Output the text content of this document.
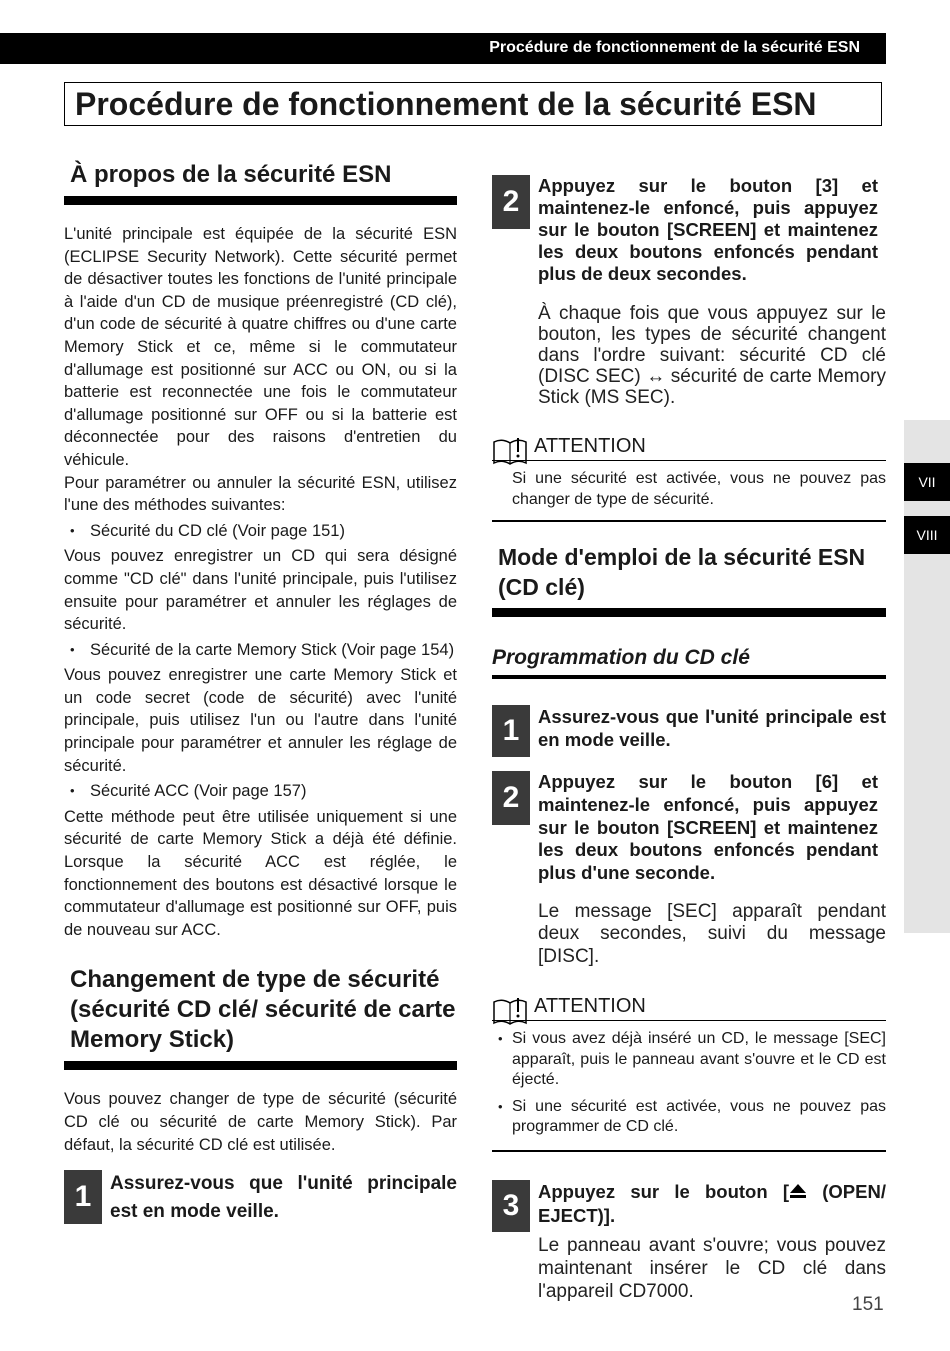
Procédure de fonctionnement de la sécurité ESN
Procédure de fonctionnement de la sécurité ESN
À propos de la sécurité ESN

L'unité principale est équipée de la sécurité ESN (ECLIPSE Security Network). Cette sécurité permet de désactiver toutes les fonctions de l'unité principale à l'aide d'un CD de musique préenregistré (CD clé), d'un code de sécurité à quatre chiffres ou d'une carte Memory Stick et ce, même si le commutateur d'allumage est positionné sur ACC ou ON, ou si la batterie est reconnectée une fois le commutateur d'allumage positionné sur OFF ou si la batterie est déconnectée pour des raisons d'entretien du véhicule.

Pour paramétrer ou annuler la sécurité ESN, utilisez l'une des méthodes suivantes:

• Sécurité du CD clé (Voir page 151)

Vous pouvez enregistrer un CD qui sera désigné comme "CD clé" dans l'unité principale, puis l'utilisez ensuite pour paramétrer et annuler les réglages de sécurité.

• Sécurité de la carte Memory Stick (Voir page 154)

Vous pouvez enregistrer une carte Memory Stick et un code secret (code de sécurité) avec l'unité principale, puis utilisez l'un ou l'autre dans l'unité principale pour paramétrer et annuler les réglage de sécurité.

• Sécurité ACC (Voir page 157)

Cette méthode peut être utilisée uniquement si une sécurité de carte Memory Stick a déjà été définie. Lorsque la sécurité ACC est réglée, le fonctionnement des boutons est désactivé lorsque le commutateur d'allumage est positionné sur OFF, puis de nouveau sur ACC.

Changement de type de sécurité (sécurité CD clé/ sécurité de carte Memory Stick)

Vous pouvez changer de type de sécurité (sécurité CD clé ou sécurité de carte Memory Stick). Par défaut, la sécurité CD clé est utilisée.

1 Assurez-vous que l'unité principale est en mode veille.
2	Appuyez sur le bouton [3] et maintenez-le enfoncé, puis appuyez sur le bouton [SCREEN] et maintenez les deux boutons enfoncés pendant plus de deux secondes.
À chaque fois que vous appuyez sur le bouton, les types de sécurité changent dans l'ordre suivant: sécurité CD clé (DISC SEC) ↔ sécurité de carte Memory Stick (MS SEC).
ATTENTION
Si une sécurité est activée, vous ne pouvez pas changer de type de sécurité.
Mode d'emploi de la sécurité ESN (CD clé)
Programmation du CD clé
1	Assurez-vous que l'unité principale est en mode veille.
2	Appuyez sur le bouton [6] et maintenez-le enfoncé, puis appuyez sur le bouton [SCREEN] et maintenez les deux boutons enfoncés pendant plus d'une seconde.
Le message [SEC] apparaît pendant deux secondes, suivi du message [DISC].
ATTENTION
• Si vous avez déjà inséré un CD, le message [SEC] apparaît, puis le panneau avant s'ouvre et le CD est éjecté.
• Si une sécurité est activée, vous ne pouvez pas programmer de CD clé.
3	Appuyez sur le bouton [ (OPEN/ EJECT)].
Le panneau avant s'ouvre; vous pouvez maintenant insérer le CD clé dans l'appareil CD7000.
VII
VIII
151
